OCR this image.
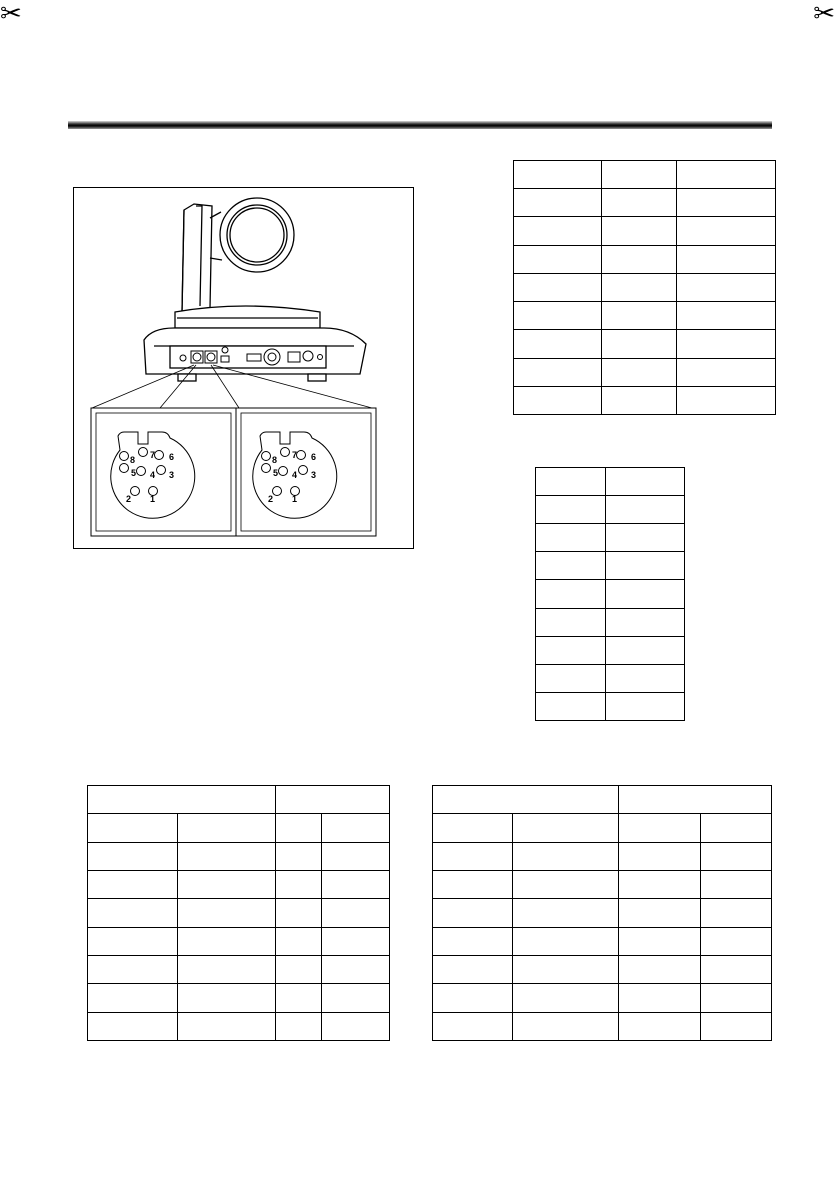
✂	✂
8 7 6
5 4 3
2 1
8 7 6
5 4 3
2 1
